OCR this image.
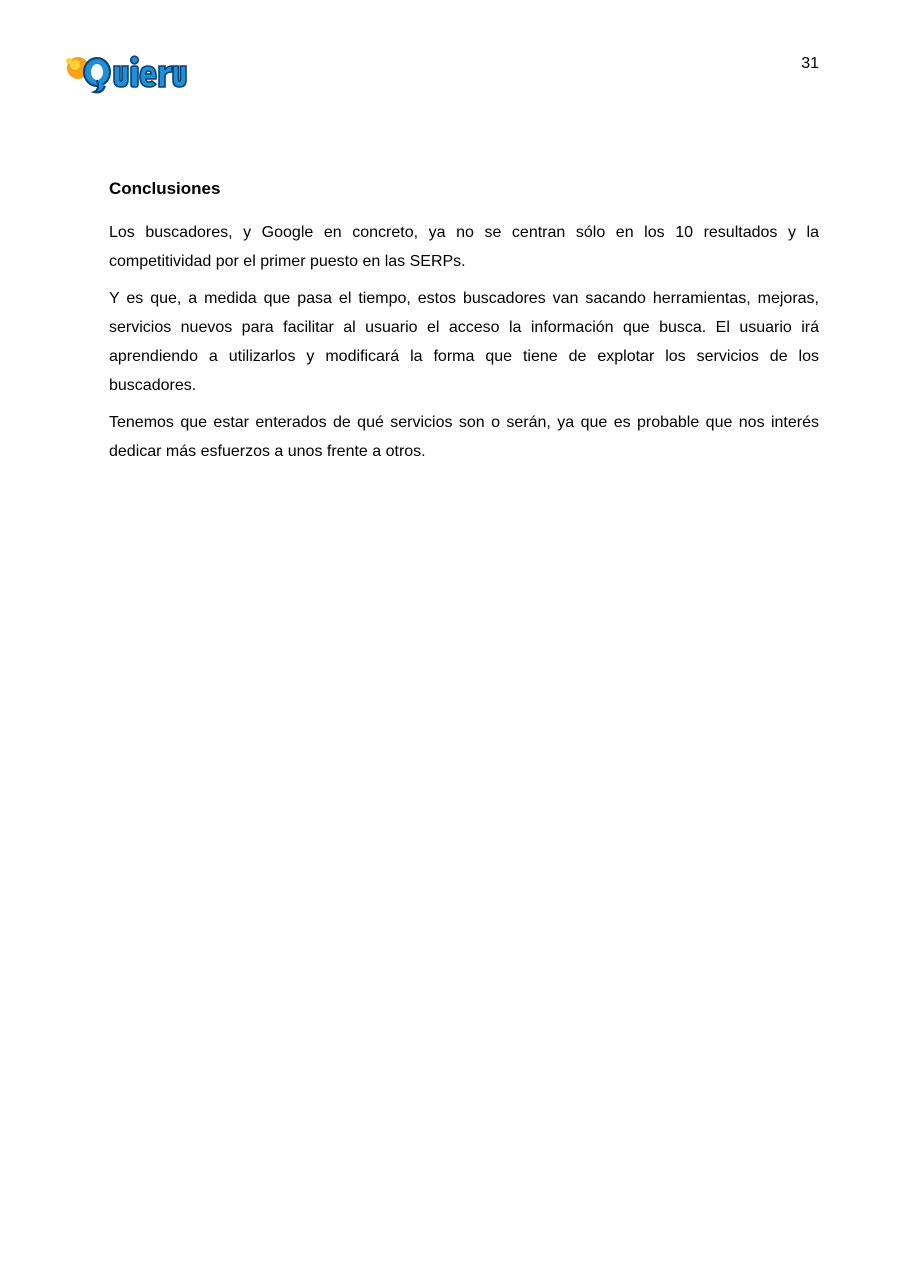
31
Conclusiones

Los buscadores, y Google en concreto, ya no se centran sólo en los 10 resultados y la competitividad por el primer puesto en las SERPs.

Y es que, a medida que pasa el tiempo, estos buscadores van sacando herramientas, mejoras, servicios nuevos para facilitar al usuario el acceso la información que busca. El usuario irá aprendiendo a utilizarlos y modificará la forma que tiene de explotar los servicios de los buscadores.

Tenemos que estar enterados de qué servicios son o serán, ya que es probable que nos interés dedicar más esfuerzos a unos frente a otros.
